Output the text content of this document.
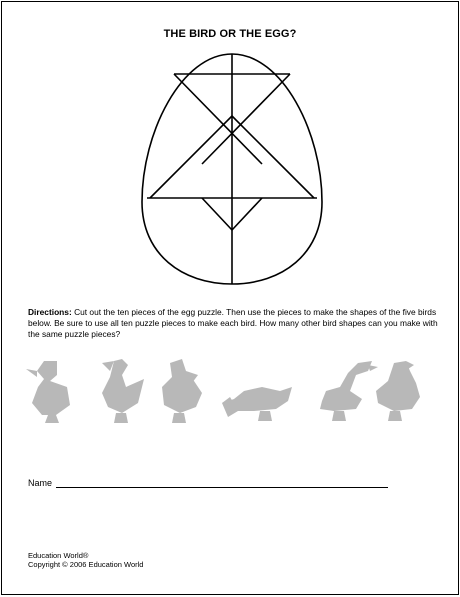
THE BIRD OR THE EGG?
Directions: Cut out the ten pieces of the egg puzzle. Then use the pieces to make the shapes of the five birds below. Be sure to use all ten puzzle pieces to make each bird. How many other bird shapes can you make with the same puzzle pieces?
Name
Education World®
Copyright © 2006 Education World
